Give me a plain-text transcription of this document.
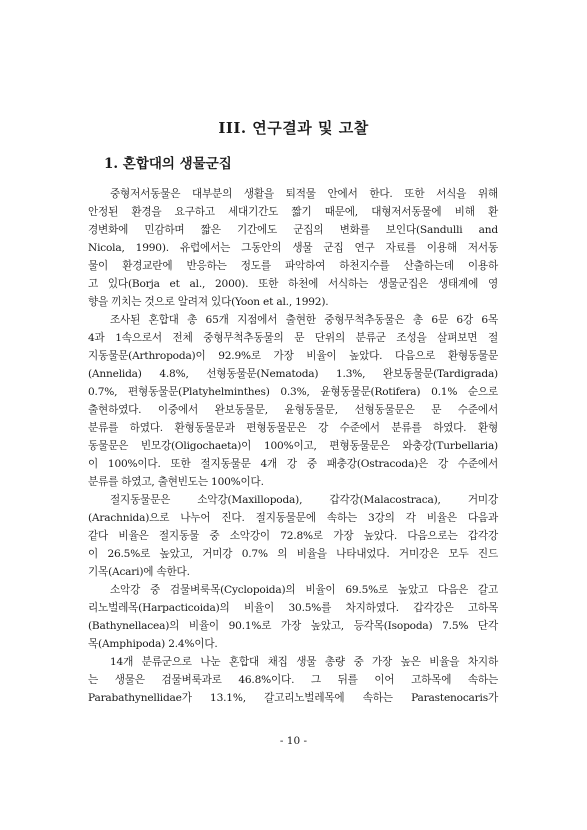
III. 연구결과 및 고찰
1. 혼합대의 생물군집
중형저서동물은 대부분의 생활을 퇴적물 안에서 한다. 또한 서식을 위해
안정된 환경을 요구하고 세대기간도 짧기 때문에, 대형저서동물에 비해 환
경변화에 민감하며 짧은 기간에도 군집의 변화를 보인다(Sandulli and
Nicola, 1990). 유럽에서는 그동안의 생물 군집 연구 자료를 이용해 저서동
물이 환경교란에 반응하는 정도를 파악하여 하천지수를 산출하는데 이용하
고 있다(Borja et al., 2000). 또한 하천에 서식하는 생물군집은 생태계에 영
향을 끼치는 것으로 알려져 있다(Yoon et al., 1992).
조사된 혼합대 총 65개 지점에서 출현한 중형무척추동물은 총 6문 6강 6목
4과 1속으로서 전체 중형무척추동물의 문 단위의 분류군 조성을 살펴보면 절
지동물문(Arthropoda)이 92.9%로 가장 비율이 높았다. 다음으로 환형동물문
(Annelida) 4.8%, 선형동물문(Nematoda) 1.3%, 완보동물문(Tardigrada)
0.7%, 편형동물문(Platyhelminthes) 0.3%, 윤형동물문(Rotifera) 0.1% 순으로
출현하였다. 이중에서 완보동물문, 윤형동물문, 선형동물문은 문 수준에서
분류를 하였다. 환형동물문과 편형동물문은 강 수준에서 분류를 하였다. 환형
동물문은 빈모강(Oligochaeta)이 100%이고, 편형동물문은 와충강(Turbellaria)
이 100%이다. 또한 절지동물문 4개 강 중 패충강(Ostracoda)은 강 수준에서
분류를 하였고, 출현빈도는 100%이다.
절지동물문은 소악강(Maxillopoda), 갑각강(Malacostraca), 거미강
(Arachnida)으로 나누어 진다. 절지동물문에 속하는 3강의 각 비율은 다음과
같다 비율은 절지동물 중 소악강이 72.8%로 가장 높았다. 다음으로는 갑각강
이 26.5%로 높았고, 거미강 0.7% 의 비율을 나타내었다. 거미강은 모두 진드
기목(Acari)에 속한다.
소악강 중 검물벼룩목(Cyclopoida)의 비율이 69.5%로 높았고 다음은 갈고
리노벌레목(Harpacticoida)의 비율이 30.5%를 차지하였다. 갑각강은 고하목
(Bathynellacea)의 비율이 90.1%로 가장 높았고, 등각목(Isopoda) 7.5% 단각
목(Amphipoda) 2.4%이다.
14개 분류군으로 나눈 혼합대 채집 생물 총량 중 가장 높은 비율을 차지하
는 생물은 검물벼룩과로 46.8%이다. 그 뒤를 이어 고하목에 속하는
Parabathynellidae가 13.1%, 갈고리노벌레목에 속하는 Parastenocaris가
- 10 -
